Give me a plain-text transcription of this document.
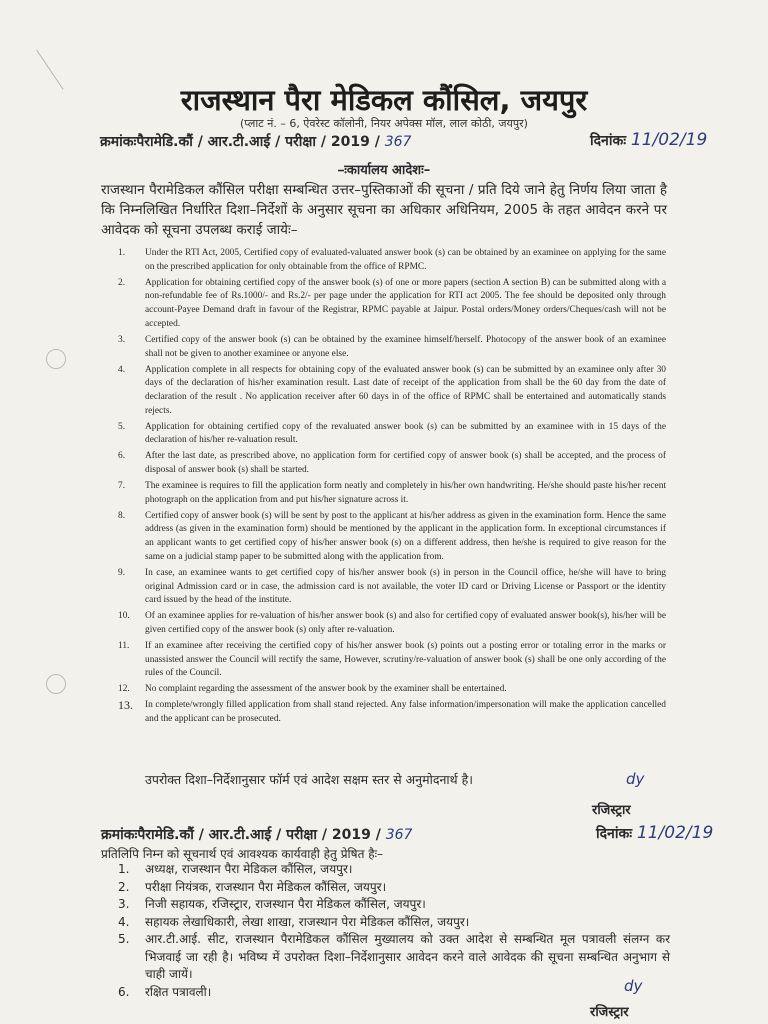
राजस्थान पैरा मेडिकल कौंसिल, जयपुर
(प्लाट नं. – 6, ऐवरेस्ट कॉलोनी, नियर अपेक्स मॉल, लाल कोठी, जयपुर)
क्रमांकःपैरामेडि.कौं / आर.टी.आई / परीक्षा / 2019 / 367	दिनांकः 11/02/19
–ःकार्यालय आदेशः–
राजस्थान पैरामेडिकल कौंसिल परीक्षा सम्बन्धित उत्तर–पुस्तिकाओं की सूचना / प्रति दिये जाने हेतु निर्णय लिया जाता है कि निम्नलिखित निर्धारित दिशा–निर्देशों के अनुसार सूचना का अधिकार अधिनियम, 2005 के तहत आवेदन करने पर आवेदक को सूचना उपलब्ध कराई जायेः–
1. Under the RTI Act, 2005, Certified copy of evaluated-valuated answer book (s) can be obtained by an examinee on applying for the same on the prescribed application for only obtainable from the office of RPMC.
2. Application for obtaining certified copy of the answer book (s) of one or more papers (section A section B) can be submitted along with a non-refundable fee of Rs.1000/- and Rs.2/- per page under the application for RTI act 2005. The fee should be deposited only through account-Payee Demand draft in favour of the Registrar, RPMC payable at Jaipur. Postal orders/Money orders/Cheques/cash will not be accepted.
3. Certified copy of the answer book (s) can be obtained by the examinee himself/herself. Photocopy of the answer book of an examinee shall not be given to another examinee or anyone else.
4. Application complete in all respects for obtaining copy of the evaluated answer book (s) can be submitted by an examinee only after 30 days of the declaration of his/her examination result. Last date of receipt of the application from shall be the 60 day from the date of declaration of the result . No application receiver after 60 days in of the office of RPMC shall be entertained and automatically stands rejects.
5. Application for obtaining certified copy of the revaluated answer book (s) can be submitted by an examinee with in 15 days of the declaration of his/her re-valuation result.
6. After the last date, as prescribed above, no application form for certified copy of answer book (s) shall be accepted, and the process of disposal of answer book (s) shall be started.
7. The examinee is requires to fill the application form neatly and completely in his/her own handwriting. He/she should paste his/her recent photograph on the application from and put his/her signature across it.
8. Certified copy of answer book (s) will be sent by post to the applicant at his/her address as given in the examination form. Hence the same address (as given in the examination form) should be mentioned by the applicant in the application form. In exceptional circumstances if an applicant wants to get certified copy of his/her answer book (s) on a different address, then he/she is required to give reason for the same on a judicial stamp paper to be submitted along with the application from.
9. In case, an examinee wants to get certified copy of his/her answer book (s) in person in the Council office, he/she will have to bring original Admission card or in case, the admission card is not available, the voter ID card or Driving License or Passport or the identity card issued by the head of the institute.
10. Of an examinee applies for re-valuation of his/her answer book (s) and also for certified copy of evaluated answer book(s), his/her will be given certified copy of the answer book (s) only after re-valuation.
11. If an examinee after receiving the certified copy of his/her answer book (s) points out a posting error or totaling error in the marks or unassisted answer the Council will rectify the same, However, scrutiny/re-valuation of answer book (s) shall be one only according of the rules of the Council.
12. No complaint regarding the assessment of the answer book by the examiner shall be entertained.
13. In complete/wrongly filled application from shall stand rejected. Any false information/impersonation will make the application cancelled and the applicant can be prosecuted.
उपरोक्त दिशा–निर्देशानुसार फॉर्म एवं आदेश सक्षम स्तर से अनुमोदनार्थ है।	dy
रजिस्ट्रार
क्रमांकःपैरामेडि.कौं / आर.टी.आई / परीक्षा / 2019 / 367	दिनांकः 11/02/19
प्रतिलिपि निम्न को सूचनार्थ एवं आवश्यक कार्यवाही हेतु प्रेषित हैः–
1. अध्यक्ष, राजस्थान पैरा मेडिकल कौंसिल, जयपुर।
2. परीक्षा नियंत्रक, राजस्थान पैरा मेडिकल कौंसिल, जयपुर।
3. निजी सहायक, रजिस्ट्रार, राजस्थान पैरा मेडिकल कौंसिल, जयपुर।
4. सहायक लेखाधिकारी, लेखा शाखा, राजस्थान पेरा मेडिकल कौंसिल, जयपुर।
5. आर.टी.आई. सीट, राजस्थान पैरामेडिकल कौंसिल मुख्यालय को उक्त आदेश से सम्बन्धित मूल पत्रावली संलग्न कर भिजवाई जा रही है। भविष्य में उपरोक्त दिशा–निर्देशानुसार आवेदन करने वाले आवेदक की सूचना सम्बन्धित अनुभाग से चाही जायें।
6. रक्षित पत्रावली।	dy
रजिस्ट्रार
